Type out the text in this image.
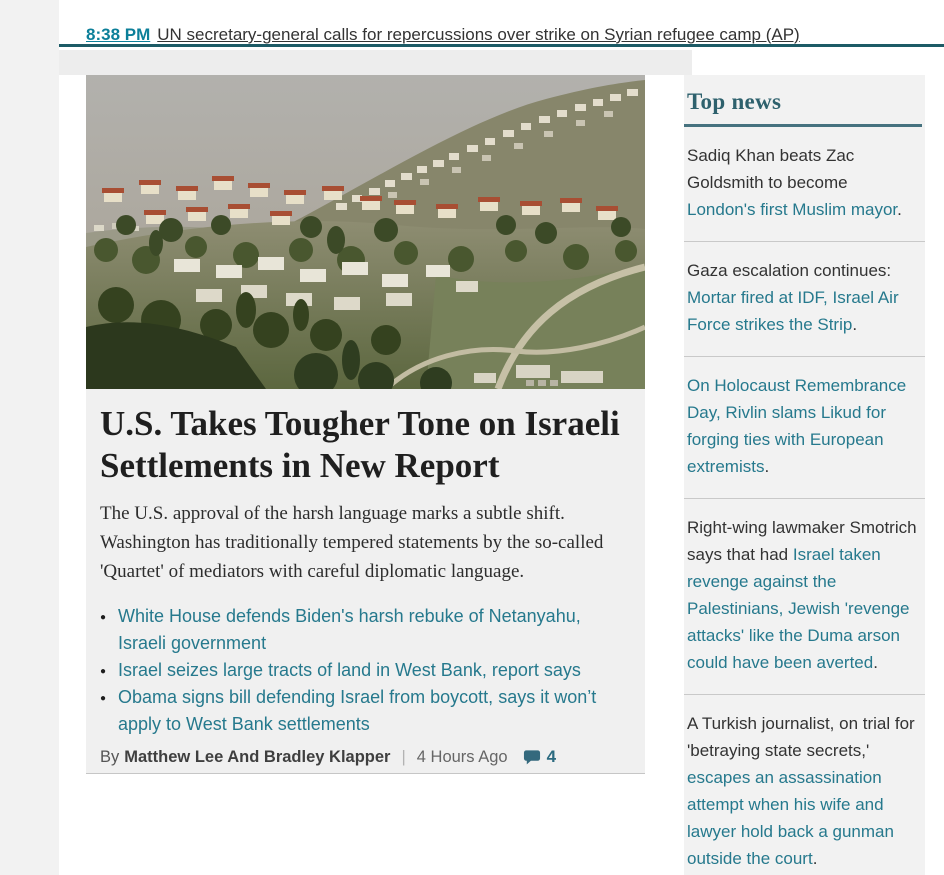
8:38 PM UN secretary-general calls for repercussions over strike on Syrian refugee camp (AP)
U.S. Takes Tougher Tone on Israeli Settlements in New Report

The U.S. approval of the harsh language marks a subtle shift. Washington has traditionally tempered statements by the so-called 'Quartet' of mediators with careful diplomatic language.

● White House defends Biden's harsh rebuke of Netanyahu, Israeli government
● Israel seizes large tracts of land in West Bank, report says
● Obama signs bill defending Israel from boycott, says it won’t apply to West Bank settlements
By Matthew Lee And Bradley Klapper | 4 Hours Ago 4
Top news
Sadiq Khan beats Zac Goldsmith to become London's first Muslim mayor.
Gaza escalation continues: Mortar fired at IDF, Israel Air Force strikes the Strip.
On Holocaust Remembrance Day, Rivlin slams Likud for forging ties with European extremists.
Right-wing lawmaker Smotrich says that had Israel taken revenge against the Palestinians, Jewish 'revenge attacks' like the Duma arson could have been averted.
A Turkish journalist, on trial for 'betraying state secrets,' escapes an assassination attempt when his wife and lawyer hold back a gunman outside the court.
